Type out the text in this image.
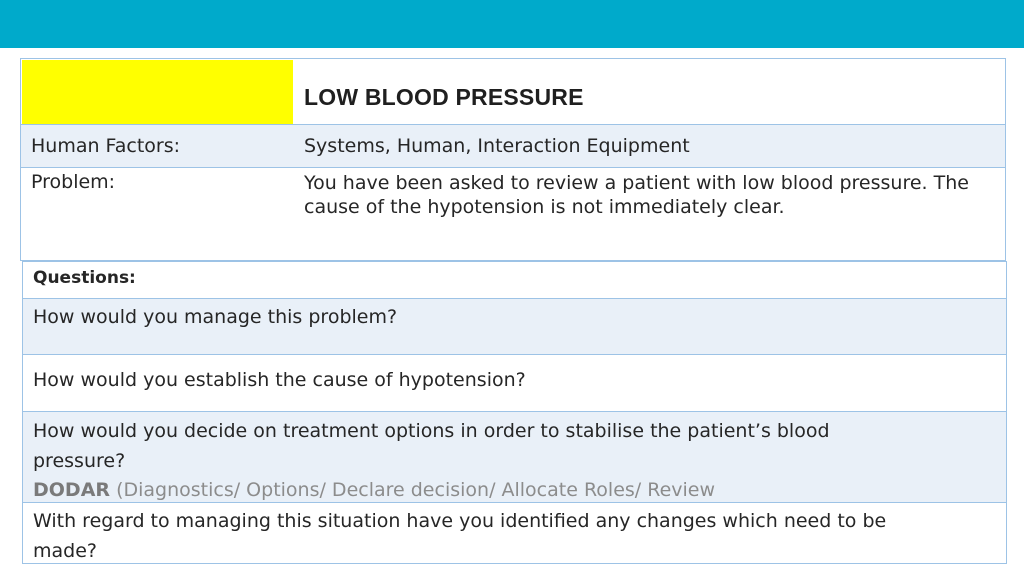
LOW BLOOD PRESSURE
Human Factors:	Systems, Human, Interaction Equipment
Problem:	You have been asked to review a patient with low blood pressure. The cause of the hypotension is not immediately clear.
Questions:
How would you manage this problem?
How would you establish the cause of hypotension?
How would you decide on treatment options in order to stabilise the patient’s blood
pressure?
DODAR (Diagnostics/ Options/ Declare decision/ Allocate Roles/ Review
With regard to managing this situation have you identified any changes which need to be
made?
